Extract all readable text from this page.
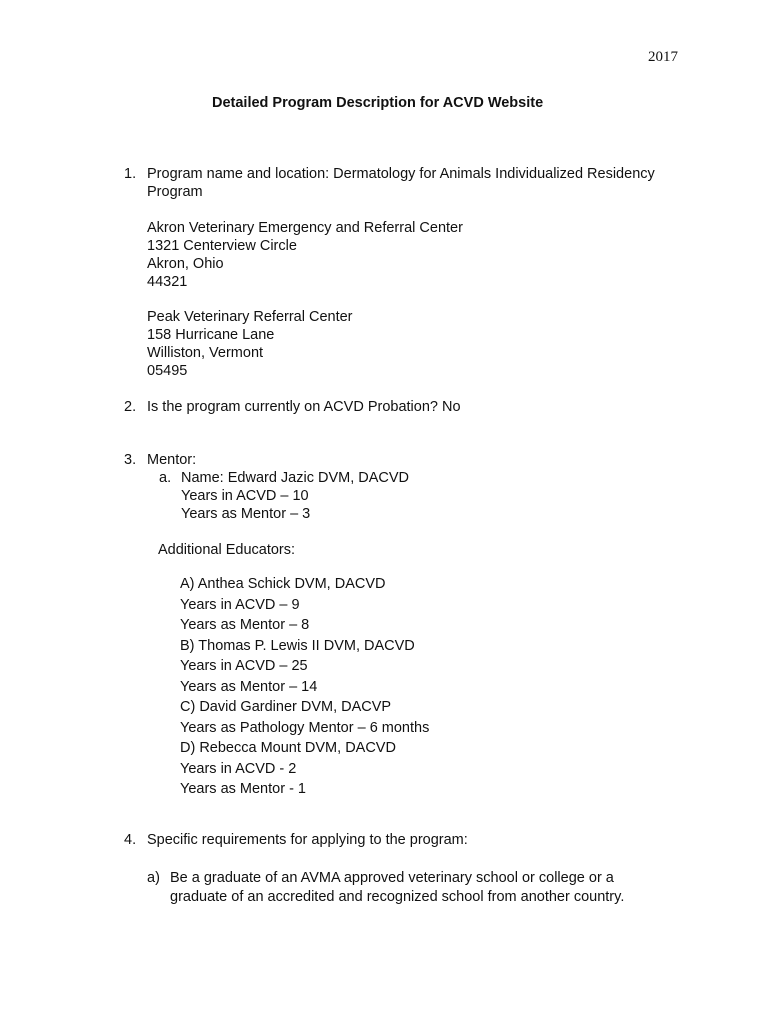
2017
Detailed Program Description for ACVD Website
1. Program name and location: Dermatology for Animals Individualized Residency
Program
Akron Veterinary Emergency and Referral Center
1321 Centerview Circle
Akron, Ohio
44321
Peak Veterinary Referral Center
158 Hurricane Lane
Williston, Vermont
05495
2. Is the program currently on ACVD Probation? No
3. Mentor:
a. Name: Edward Jazic DVM, DACVD
Years in ACVD – 10
Years as Mentor – 3
Additional Educators:
A) Anthea Schick DVM, DACVD
Years in ACVD – 9
Years as Mentor – 8
B) Thomas P. Lewis II DVM, DACVD
Years in ACVD – 25
Years as Mentor – 14
C) David Gardiner DVM, DACVP
Years as Pathology Mentor – 6 months
D) Rebecca Mount DVM, DACVD
Years in ACVD - 2
Years as Mentor - 1
4. Specific requirements for applying to the program:
a) Be a graduate of an AVMA approved veterinary school or college or a
graduate of an accredited and recognized school from another country.
